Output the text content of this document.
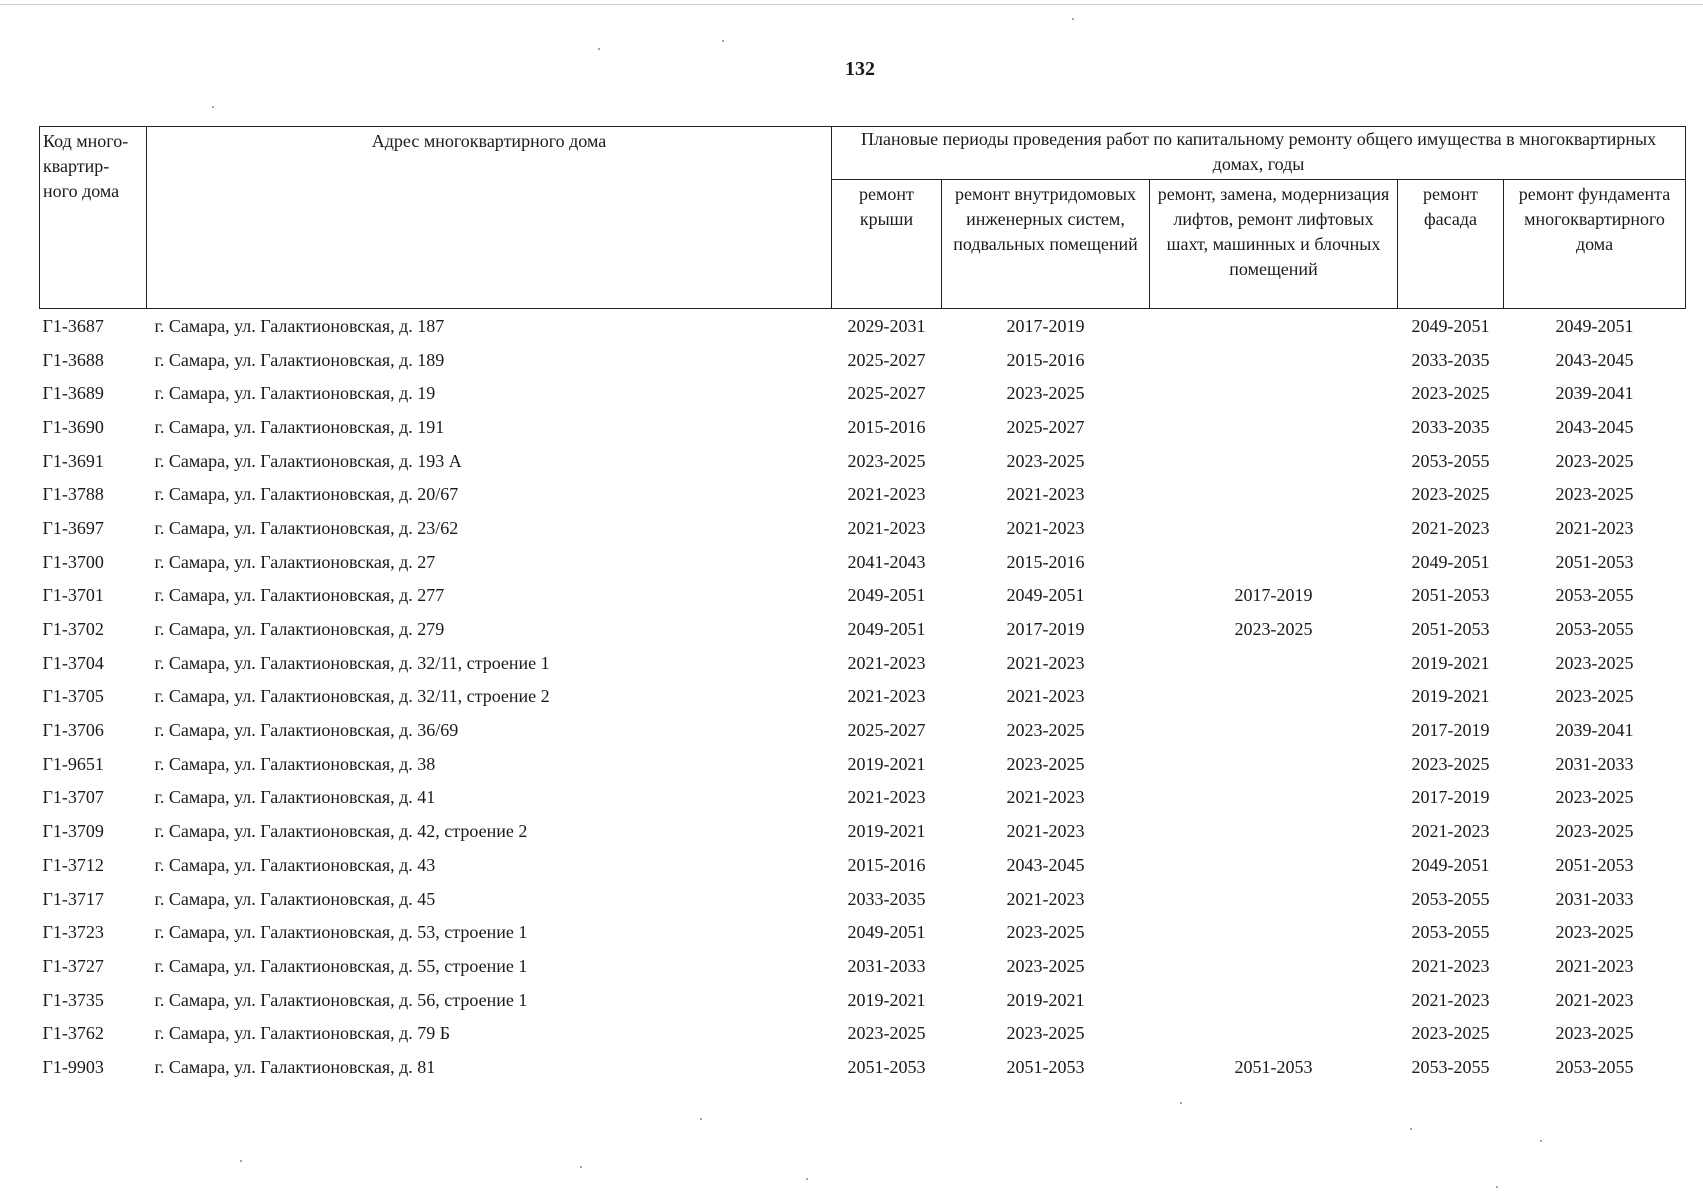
132
Код много-квартир-ного дома	Адрес многоквартирного дома	Плановые периоды проведения работ по капитальному ремонту общего имущества в многоквартирных домах, годы				
		ремонт крыши	ремонт внутридомовых инженерных систем, подвальных помещений	ремонт, замена, модернизация лифтов, ремонт лифтовых шахт, машинных и блочных помещений	ремонт фасада	ремонт фундамента многоквартирного дома
Г1-3687	г. Самара, ул. Галактионовская, д. 187	2029-2031	2017-2019		2049-2051	2049-2051
Г1-3688	г. Самара, ул. Галактионовская, д. 189	2025-2027	2015-2016		2033-2035	2043-2045
Г1-3689	г. Самара, ул. Галактионовская, д. 19	2025-2027	2023-2025		2023-2025	2039-2041
Г1-3690	г. Самара, ул. Галактионовская, д. 191	2015-2016	2025-2027		2033-2035	2043-2045
Г1-3691	г. Самара, ул. Галактионовская, д. 193 А	2023-2025	2023-2025		2053-2055	2023-2025
Г1-3788	г. Самара, ул. Галактионовская, д. 20/67	2021-2023	2021-2023		2023-2025	2023-2025
Г1-3697	г. Самара, ул. Галактионовская, д. 23/62	2021-2023	2021-2023		2021-2023	2021-2023
Г1-3700	г. Самара, ул. Галактионовская, д. 27	2041-2043	2015-2016		2049-2051	2051-2053
Г1-3701	г. Самара, ул. Галактионовская, д. 277	2049-2051	2049-2051	2017-2019	2051-2053	2053-2055
Г1-3702	г. Самара, ул. Галактионовская, д. 279	2049-2051	2017-2019	2023-2025	2051-2053	2053-2055
Г1-3704	г. Самара, ул. Галактионовская, д. 32/11, строение 1	2021-2023	2021-2023		2019-2021	2023-2025
Г1-3705	г. Самара, ул. Галактионовская, д. 32/11, строение 2	2021-2023	2021-2023		2019-2021	2023-2025
Г1-3706	г. Самара, ул. Галактионовская, д. 36/69	2025-2027	2023-2025		2017-2019	2039-2041
Г1-9651	г. Самара, ул. Галактионовская, д. 38	2019-2021	2023-2025		2023-2025	2031-2033
Г1-3707	г. Самара, ул. Галактионовская, д. 41	2021-2023	2021-2023		2017-2019	2023-2025
Г1-3709	г. Самара, ул. Галактионовская, д. 42, строение 2	2019-2021	2021-2023		2021-2023	2023-2025
Г1-3712	г. Самара, ул. Галактионовская, д. 43	2015-2016	2043-2045		2049-2051	2051-2053
Г1-3717	г. Самара, ул. Галактионовская, д. 45	2033-2035	2021-2023		2053-2055	2031-2033
Г1-3723	г. Самара, ул. Галактионовская, д. 53, строение 1	2049-2051	2023-2025		2053-2055	2023-2025
Г1-3727	г. Самара, ул. Галактионовская, д. 55, строение 1	2031-2033	2023-2025		2021-2023	2021-2023
Г1-3735	г. Самара, ул. Галактионовская, д. 56, строение 1	2019-2021	2019-2021		2021-2023	2021-2023
Г1-3762	г. Самара, ул. Галактионовская, д. 79 Б	2023-2025	2023-2025		2023-2025	2023-2025
Г1-9903	г. Самара, ул. Галактионовская, д. 81	2051-2053	2051-2053	2051-2053	2053-2055	2053-2055
